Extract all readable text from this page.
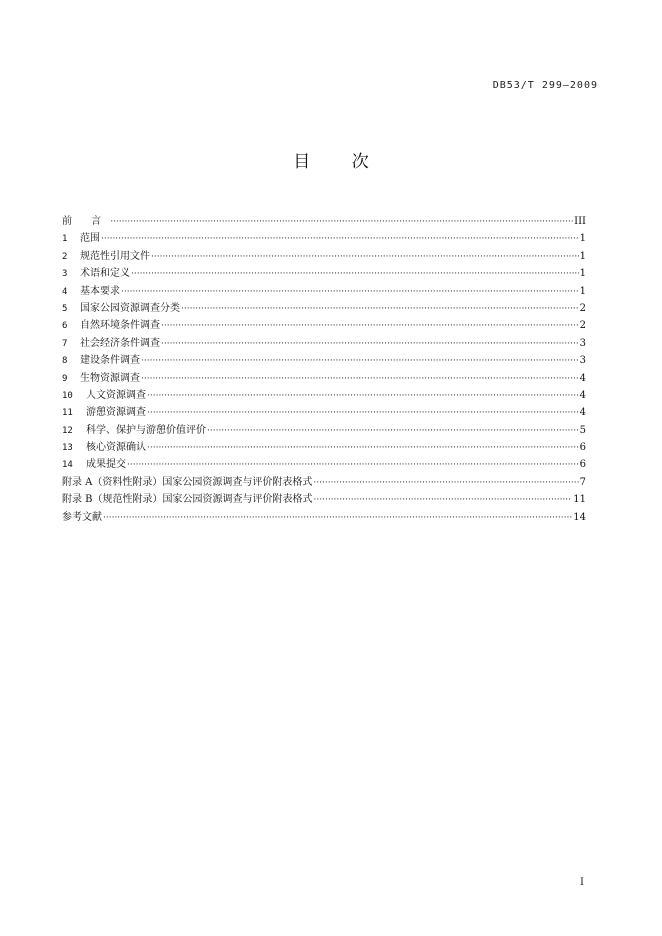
DB53/T 299—2009
目 次
前 言 ·····	III
1	范围 ·····	1
2	规范性引用文件 ·····	1
3	术语和定义 ·····	1
4	基本要求 ·····	1
5	国家公园资源调查分类 ·····	2
6	自然环境条件调查 ·····	2
7	社会经济条件调查 ·····	3
8	建设条件调查 ·····	3
9	生物资源调查 ·····	4
10	人文资源调查 ·····	4
11	游憩资源调查 ·····	4
12	科学、保护与游憩价值评价 ·····	5
13	核心资源确认 ·····	6
14	成果提交 ·····	6
附录 A（资料性附录）国家公园资源调查与评价附表格式 ·····	7
附录 B（规范性附录）国家公园资源调查与评价附表格式 ·····	11
参考文献 ·····	14
I
